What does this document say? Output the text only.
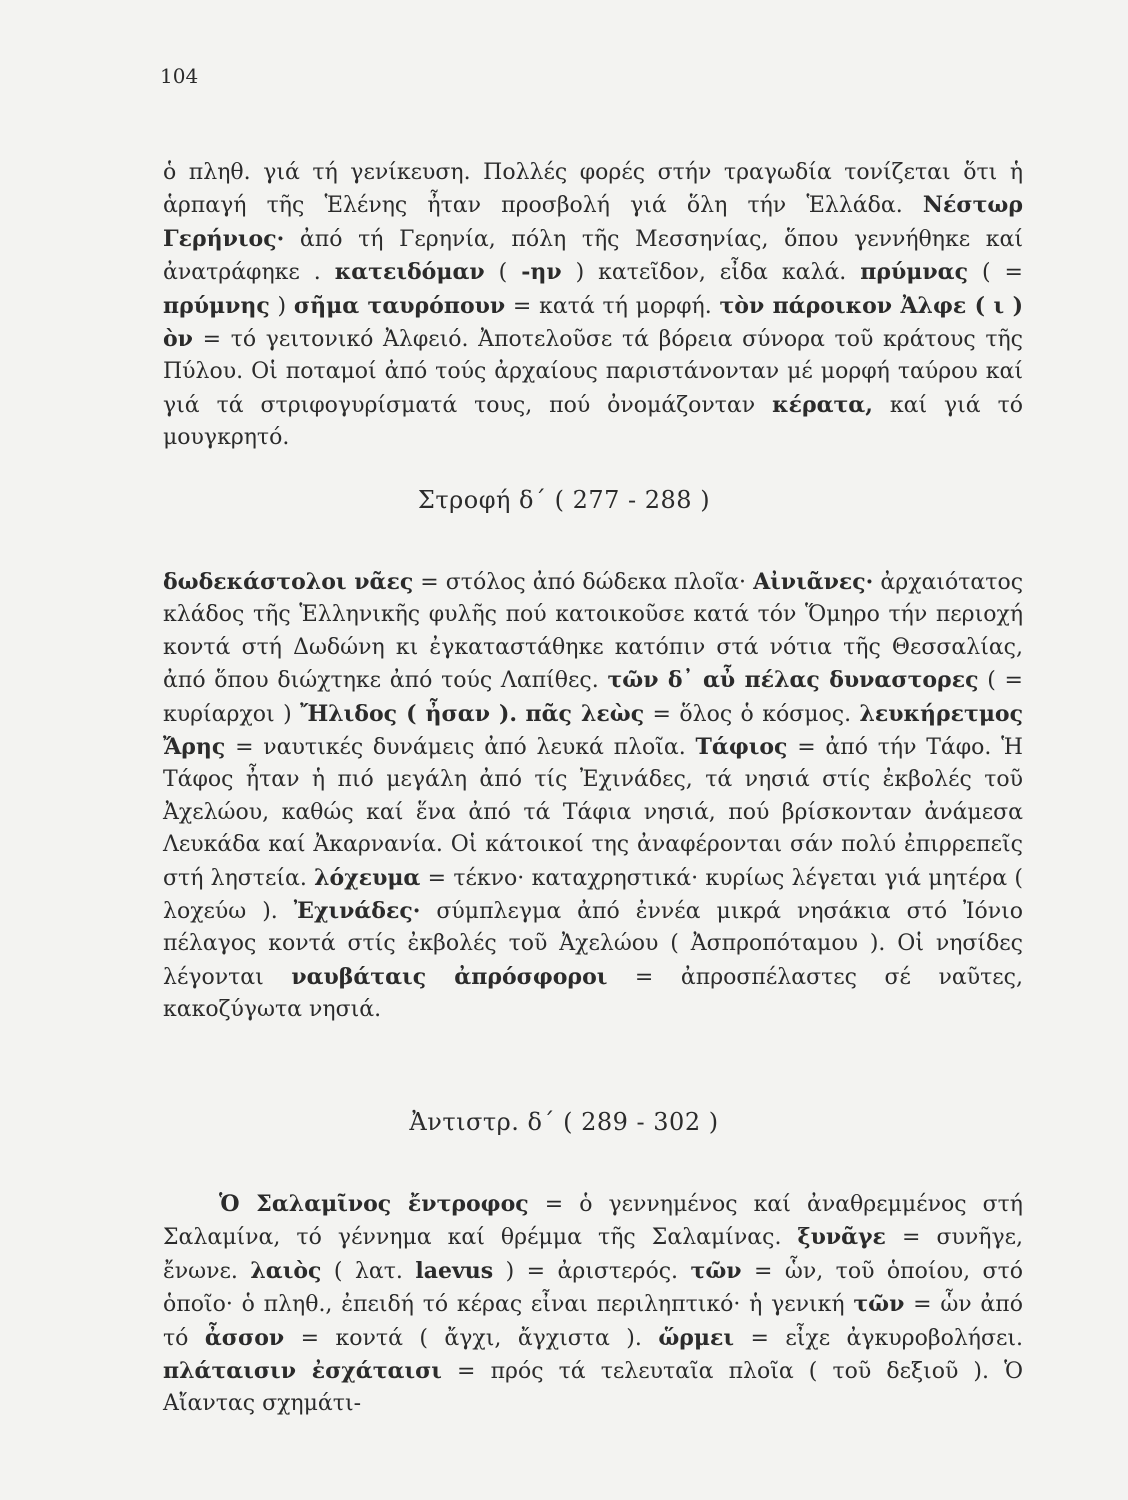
104

ὁ πληθ. γιά τή γενίκευση. Πολλές φορές στήν τραγωδία τονίζεται ὅτι ἡ ἁρπαγή τῆς Ἑλένης ἦταν προσβολή γιά ὅλη τήν Ἑλλάδα. Νέστωρ Γερήνιος· ἀπό τή Γερηνία, πόλη τῆς Μεσσηνίας, ὅπου γεννήθηκε καί ἀνατράφηκε . κατειδόμαν ( -ην ) κατεῖδον, εἶδα καλά. πρύμνας ( = πρύμνης ) σῆμα ταυρόπουν = κατά τή μορφή. τὸν πάροικον Ἀλφε ( ι ) ὸν = τό γειτονικό Ἀλφειό. Ἀποτελοῦσε τά βόρεια σύνορα τοῦ κράτους τῆς Πύλου. Οἱ ποταμοί ἀπό τούς ἀρχαίους παριστάνονταν μέ μορφή ταύρου καί γιά τά στριφογυρίσματά τους, πού ὀνομάζονταν κέρατα, καί γιά τό μουγκρητό.

Στροφή δ΄ ( 277 - 288 )

δωδεκάστολοι νᾶες = στόλος ἀπό δώδεκα πλοῖα· Αἰνιᾶνες· ἀρχαιότατος κλάδος τῆς Ἑλληνικῆς φυλῆς πού κατοικοῦσε κατά τόν Ὅμηρο τήν περιοχή κοντά στή Δωδώνη κι ἐγκαταστάθηκε κατόπιν στά νότια τῆς Θεσσαλίας, ἀπό ὅπου διώχτηκε ἀπό τούς Λαπίθες. τῶν δ᾽ αὖ πέλας δυναστορες ( = κυρίαρχοι ) Ἤλιδος ( ἦσαν ). πᾶς λεὼς = ὅλος ὁ κόσμος. λευκήρετμος Ἄρης = ναυτικές δυνάμεις ἀπό λευκά πλοῖα. Τάφιος = ἀπό τήν Τάφο. Ἡ Τάφος ἦταν ἡ πιό μεγάλη ἀπό τίς Ἐχινάδες, τά νησιά στίς ἐκβολές τοῦ Ἀχελώου, καθώς καί ἕνα ἀπό τά Τάφια νησιά, πού βρίσκονταν ἀνάμεσα Λευκάδα καί Ἀκαρνανία. Οἱ κάτοικοί της ἀναφέρονται σάν πολύ ἐπιρρεπεῖς στή ληστεία. λόχευμα = τέκνο· καταχρηστικά· κυρίως λέγεται γιά μητέρα ( λοχεύω ). Ἐχινάδες· σύμπλεγμα ἀπό ἐννέα μικρά νησάκια στό Ἰόνιο πέλαγος κοντά στίς ἐκβολές τοῦ Ἀχελώου ( Ἀσπροπόταμου ). Οἱ νησίδες λέγονται ναυβάταις ἀπρόσφοροι = ἀπροσπέλαστες σέ ναῦτες, κακοζύγωτα νησιά.

Ἀντιστρ. δ΄ ( 289 - 302 )

Ὁ Σαλαμῖνος ἔντροφος = ὁ γεννημένος καί ἀναθρεμμένος στή Σαλαμίνα, τό γέννημα καί θρέμμα τῆς Σαλαμίνας. ξυνᾶγε = συνῆγε, ἔνωνε. λαιὸς ( λατ. laevus ) = ἀριστερός. τῶν = ὧν, τοῦ ὁποίου, στό ὁποῖο· ὁ πληθ., ἐπειδή τό κέρας εἶναι περιληπτικό· ἡ γενική τῶν = ὧν ἀπό τό ἆσσον = κοντά ( ἄγχι, ἄγχιστα ). ὥρμει = εἶχε ἀγκυροβολήσει. πλάταισιν ἐσχάταισι = πρός τά τελευταῖα πλοῖα ( τοῦ δεξιοῦ ). Ὁ Αἴαντας σχημάτι-
